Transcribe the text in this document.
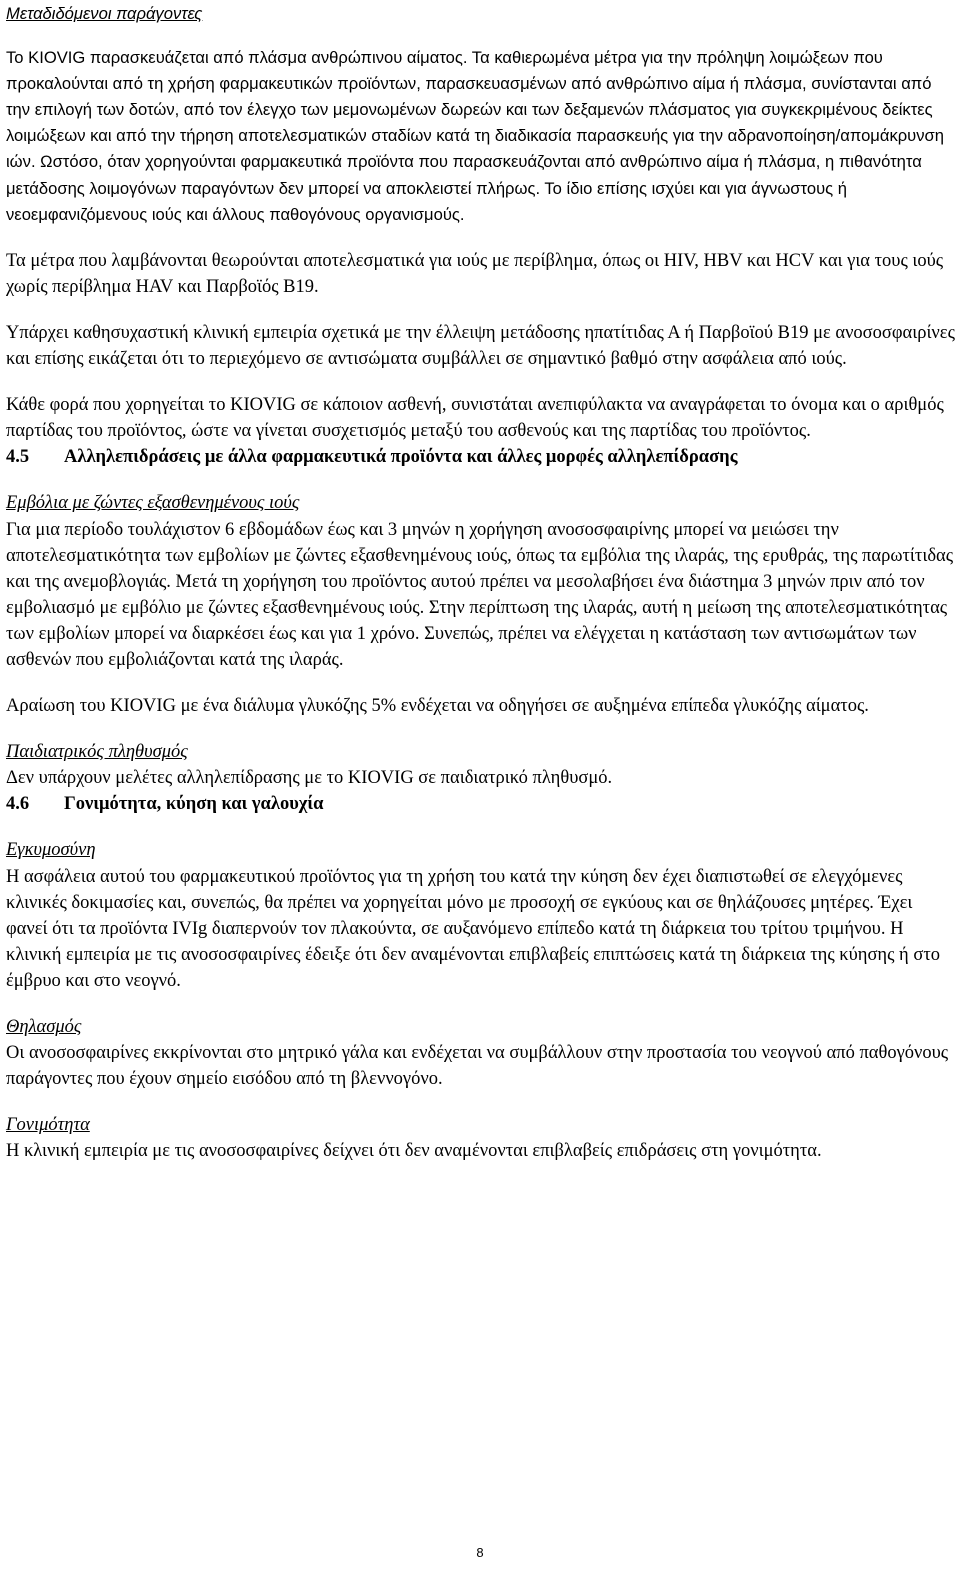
Μεταδιδόμενοι παράγοντες

Το KIOVIG παρασκευάζεται από πλάσμα ανθρώπινου αίματος. Τα καθιερωμένα μέτρα για την πρόληψη λοιμώξεων που προκαλούνται από τη χρήση φαρμακευτικών προϊόντων, παρασκευασμένων από ανθρώπινο αίμα ή πλάσμα, συνίστανται από την επιλογή των δοτών, από τον έλεγχο των μεμονωμένων δωρεών και των δεξαμενών πλάσματος για συγκεκριμένους δείκτες λοιμώξεων και από την τήρηση αποτελεσματικών σταδίων κατά τη διαδικασία παρασκευής για την αδρανοποίηση/απομάκρυνση ιών. Ωστόσο, όταν χορηγούνται φαρμακευτικά προϊόντα που παρασκευάζονται από ανθρώπινο αίμα ή πλάσμα, η πιθανότητα μετάδοσης λοιμογόνων παραγόντων δεν μπορεί να αποκλειστεί πλήρως. Το ίδιο επίσης ισχύει και για άγνωστους ή νεοεμφανιζόμενους ιούς και άλλους παθογόνους οργανισμούς.

Τα μέτρα που λαμβάνονται θεωρούνται αποτελεσματικά για ιούς με περίβλημα, όπως οι HIV, HBV και HCV και για τους ιούς χωρίς περίβλημα HAV και Παρβοϊός B19.

Υπάρχει καθησυχαστική κλινική εμπειρία σχετικά με την έλλειψη μετάδοσης ηπατίτιδας Α ή Παρβοϊού B19 με ανοσοσφαιρίνες και επίσης εικάζεται ότι το περιεχόμενο σε αντισώματα συμβάλλει σε σημαντικό βαθμό στην ασφάλεια από ιούς.

Κάθε φορά που χορηγείται το KIOVIG σε κάποιον ασθενή, συνιστάται ανεπιφύλακτα να αναγράφεται το όνομα και ο αριθμός παρτίδας του προϊόντος, ώστε να γίνεται συσχετισμός μεταξύ του ασθενούς και της παρτίδας του προϊόντος.

4.5 Αλληλεπιδράσεις με άλλα φαρμακευτικά προϊόντα και άλλες μορφές αλληλεπίδρασης
Εμβόλια με ζώντες εξασθενημένους ιούς

Για μια περίοδο τουλάχιστον 6 εβδομάδων έως και 3 μηνών η χορήγηση ανοσοσφαιρίνης μπορεί να μειώσει την αποτελεσματικότητα των εμβολίων με ζώντες εξασθενημένους ιούς, όπως τα εμβόλια της ιλαράς, της ερυθράς, της παρωτίτιδας και της ανεμοβλογιάς. Μετά τη χορήγηση του προϊόντος αυτού πρέπει να μεσολαβήσει ένα διάστημα 3 μηνών πριν από τον εμβολιασμό με εμβόλιο με ζώντες εξασθενημένους ιούς. Στην περίπτωση της ιλαράς, αυτή η μείωση της αποτελεσματικότητας των εμβολίων μπορεί να διαρκέσει έως και για 1 χρόνο. Συνεπώς, πρέπει να ελέγχεται η κατάσταση των αντισωμάτων των ασθενών που εμβολιάζονται κατά της ιλαράς.

Αραίωση του KIOVIG με ένα διάλυμα γλυκόζης 5% ενδέχεται να οδηγήσει σε αυξημένα επίπεδα γλυκόζης αίματος.

Παιδιατρικός πληθυσμός

Δεν υπάρχουν μελέτες αλληλεπίδρασης με το KIOVIG σε παιδιατρικό πληθυσμό.

4.6 Γονιμότητα, κύηση και γαλουχία
Εγκυμοσύνη

Η ασφάλεια αυτού του φαρμακευτικού προϊόντος για τη χρήση του κατά την κύηση δεν έχει διαπιστωθεί σε ελεγχόμενες κλινικές δοκιμασίες και, συνεπώς, θα πρέπει να χορηγείται μόνο με προσοχή σε εγκύους και σε θηλάζουσες μητέρες. Έχει φανεί ότι τα προϊόντα IVIg διαπερνούν τον πλακούντα, σε αυξανόμενο επίπεδο κατά τη διάρκεια του τρίτου τριμήνου. Η κλινική εμπειρία με τις ανοσοσφαιρίνες έδειξε ότι δεν αναμένονται επιβλαβείς επιπτώσεις κατά τη διάρκεια της κύησης ή στο έμβρυο και στο νεογνό.

Θηλασμός

Οι ανοσοσφαιρίνες εκκρίνονται στο μητρικό γάλα και ενδέχεται να συμβάλλουν στην προστασία του νεογνού από παθογόνους παράγοντες που έχουν σημείο εισόδου από τη βλεννογόνο.

Γονιμότητα

Η κλινική εμπειρία με τις ανοσοσφαιρίνες δείχνει ότι δεν αναμένονται επιβλαβείς επιδράσεις στη γονιμότητα.

8
